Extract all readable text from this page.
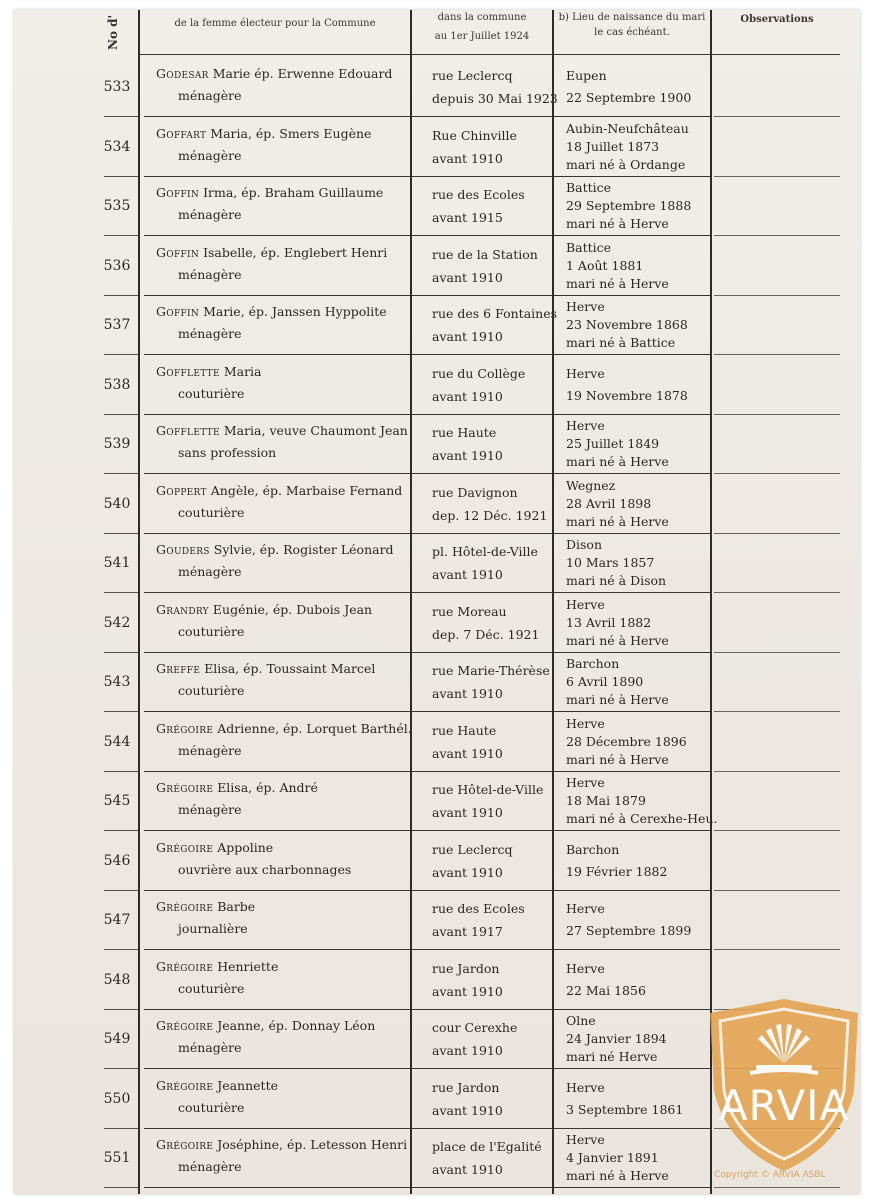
No d'	de la femme électeur pour la Commune
dans la commune
au 1er Juillet 1924
b) Lieu de naissance du mari
le cas échéant.
Observations
533
Godesar Marie ép. Erwenne Edouard
ménagère
rue Leclercq
depuis 30 Mai 1923
Eupen
22 Septembre 1900
534
Goffart Maria, ép. Smers Eugène
ménagère
Rue Chinville
avant 1910
Aubin-Neufchâteau
18 Juillet 1873
mari né à Ordange
535
Goffin Irma, ép. Braham Guillaume
ménagère
rue des Ecoles
avant 1915
Battice
29 Septembre 1888
mari né à Herve
536
Goffin Isabelle, ép. Englebert Henri
ménagère
rue de la Station
avant 1910
Battice
1 Août 1881
mari né à Herve
537
Goffin Marie, ép. Janssen Hyppolite
ménagère
rue des 6 Fontaines
avant 1910
Herve
23 Novembre 1868
mari né à Battice
538
Gofflette Maria
couturière
rue du Collège
avant 1910
Herve
19 Novembre 1878
539
Gofflette Maria, veuve Chaumont Jean
sans profession
rue Haute
avant 1910
Herve
25 Juillet 1849
mari né à Herve
540
Goppert Angèle, ép. Marbaise Fernand
couturière
rue Davignon
dep. 12 Déc. 1921
Wegnez
28 Avril 1898
mari né à Herve
541
Gouders Sylvie, ép. Rogister Léonard
ménagère
pl. Hôtel-de-Ville
avant 1910
Dison
10 Mars 1857
mari né à Dison
542
Grandry Eugénie, ép. Dubois Jean
couturière
rue Moreau
dep. 7 Déc. 1921
Herve
13 Avril 1882
mari né à Herve
543
Greffe Elisa, ép. Toussaint Marcel
couturière
rue Marie-Thérèse
avant 1910
Barchon
6 Avril 1890
mari né à Herve
544
Grégoire Adrienne, ép. Lorquet Barthél.
ménagère
rue Haute
avant 1910
Herve
28 Décembre 1896
mari né à Herve
545
Grégoire Elisa, ép. André
ménagère
rue Hôtel-de-Ville
avant 1910
Herve
18 Mai 1879
mari né à Cerexhe-Heu.
546
Grégoire Appoline
ouvrière aux charbonnages
rue Leclercq
avant 1910
Barchon
19 Février 1882
547
Grégoire Barbe
journalière
rue des Ecoles
avant 1917
Herve
27 Septembre 1899
548
Grégoire Henriette
couturière
rue Jardon
avant 1910
Herve
22 Mai 1856
549
Grégoire Jeanne, ép. Donnay Léon
ménagère
cour Cerexhe
avant 1910
Olne
24 Janvier 1894
mari né Herve
550
Grégoire Jeannette
couturière
rue Jardon
avant 1910
Herve
3 Septembre 1861
551
Grégoire Joséphine, ép. Letesson Henri
ménagère
place de l'Egalité
avant 1910
Herve
4 Janvier 1891
mari né à Herve
ARVIA
Copyright © ARVIA ASBL
